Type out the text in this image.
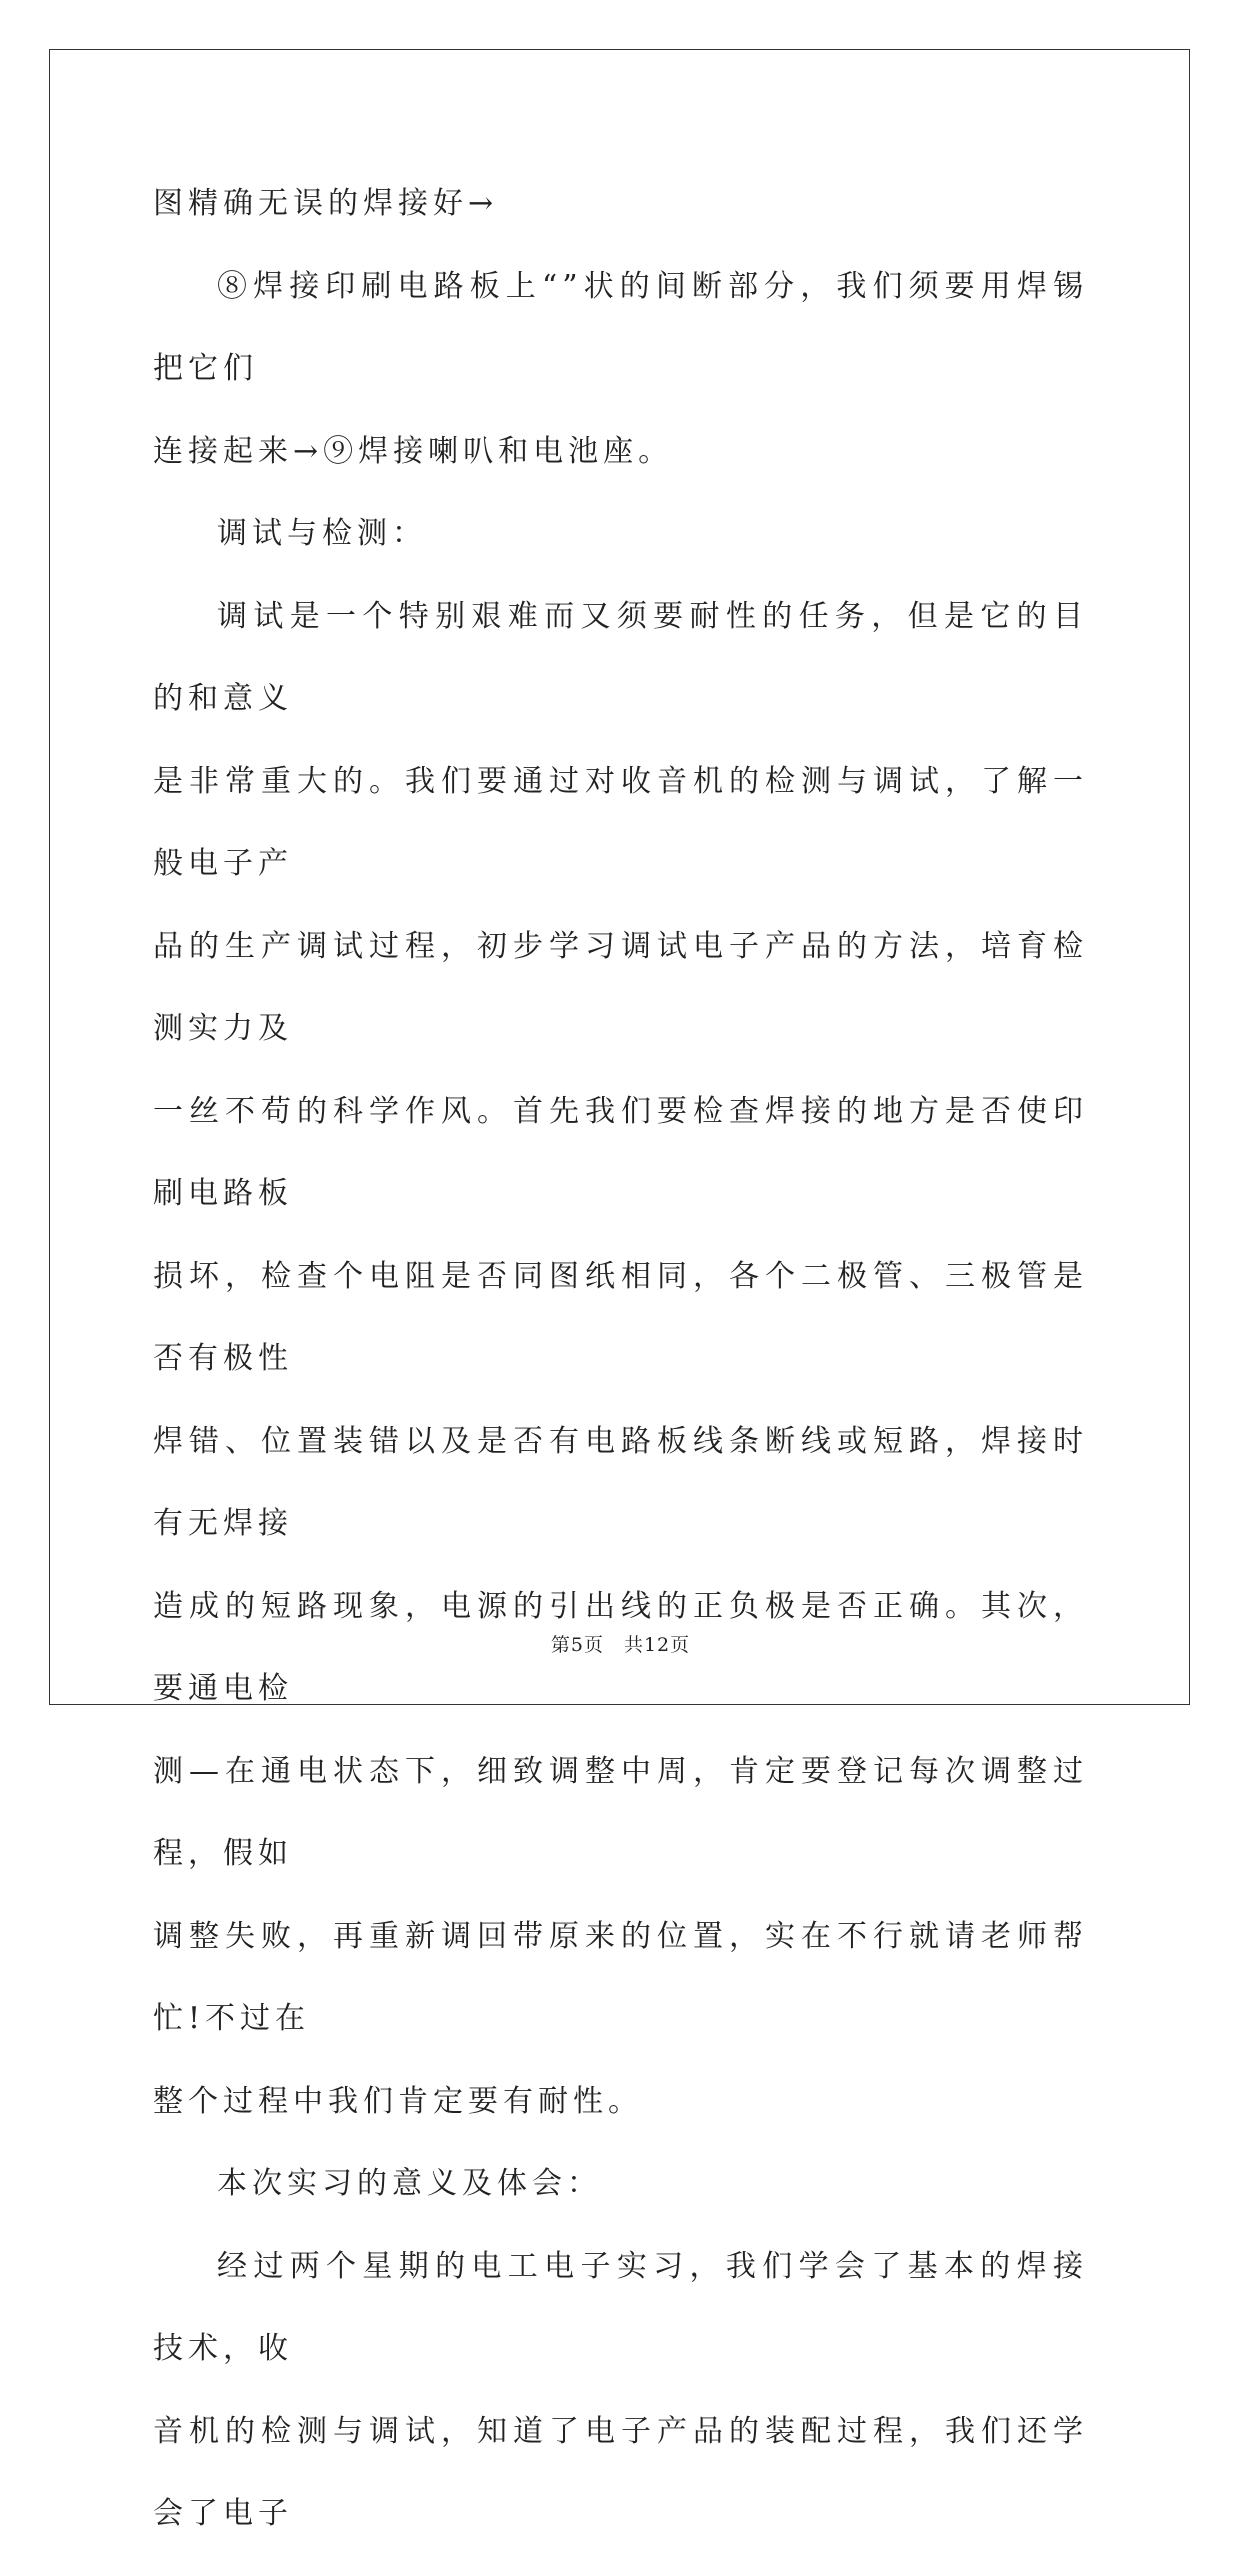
图精确无误的焊接好→

⑧焊接印刷电路板上“”状的间断部分，我们须要用焊锡把它们

连接起来→⑨焊接喇叭和电池座。

调试与检测：

调试是一个特别艰难而又须要耐性的任务，但是它的目的和意义

是非常重大的。我们要通过对收音机的检测与调试，了解一般电子产

品的生产调试过程，初步学习调试电子产品的方法，培育检测实力及

一丝不苟的科学作风。首先我们要检查焊接的地方是否使印刷电路板

损坏，检查个电阻是否同图纸相同，各个二极管、三极管是否有极性

焊错、位置装错以及是否有电路板线条断线或短路，焊接时有无焊接

造成的短路现象，电源的引出线的正负极是否正确。其次，要通电检

测—在通电状态下，细致调整中周，肯定要登记每次调整过程，假如

调整失败，再重新调回带原来的位置，实在不行就请老师帮忙!不过在

整个过程中我们肯定要有耐性。

本次实习的意义及体会：

经过两个星期的电工电子实习，我们学会了基本的焊接技术，收

音机的检测与调试，知道了电子产品的装配过程，我们还学会了电子

第5页　共12页
